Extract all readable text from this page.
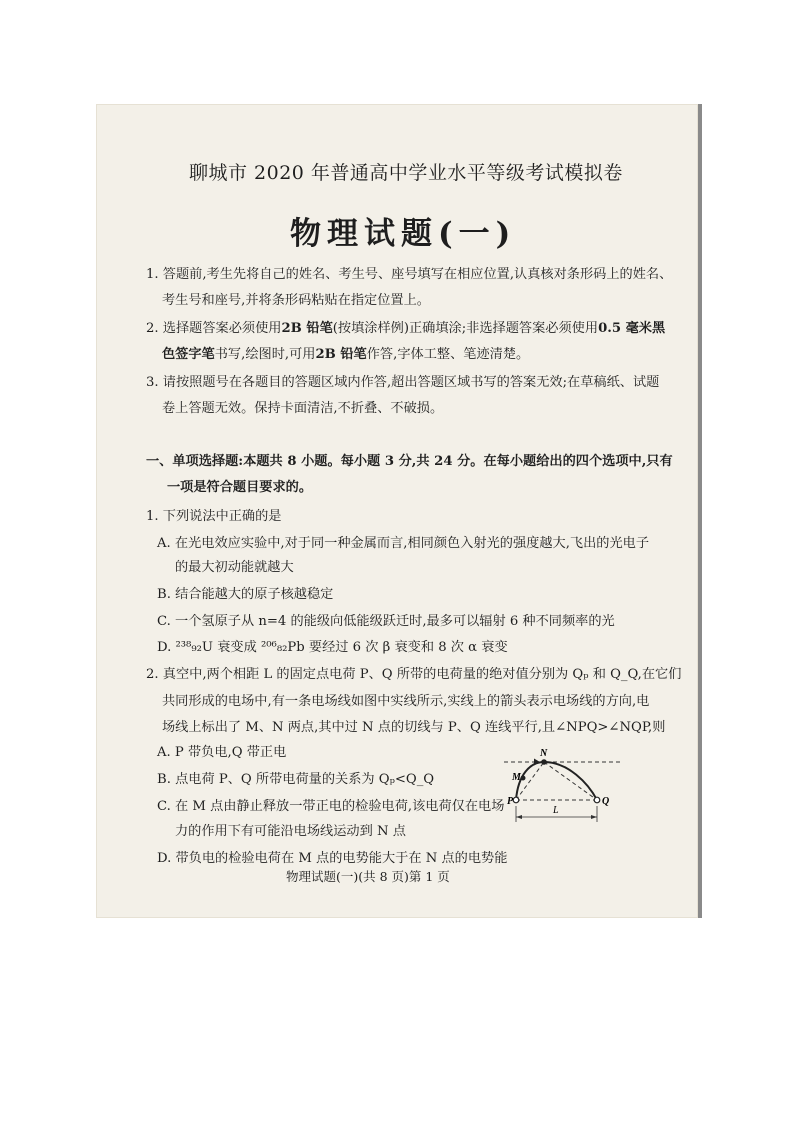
聊城市 2020 年普通高中学业水平等级考试模拟卷
物理试题(一)
1. 答题前,考生先将自己的姓名、考生号、座号填写在相应位置,认真核对条形码上的姓名、
考生号和座号,并将条形码粘贴在指定位置上。
2. 选择题答案必须使用2B 铅笔(按填涂样例)正确填涂;非选择题答案必须使用0.5 毫米黑
色签字笔书写,绘图时,可用2B 铅笔作答,字体工整、笔迹清楚。
3. 请按照题号在各题目的答题区域内作答,超出答题区域书写的答案无效;在草稿纸、试题
卷上答题无效。保持卡面清洁,不折叠、不破损。
一、单项选择题:本题共 8 小题。每小题 3 分,共 24 分。在每小题给出的四个选项中,只有
一项是符合题目要求的。
1. 下列说法中正确的是
A. 在光电效应实验中,对于同一种金属而言,相同颜色入射光的强度越大,飞出的光电子
的最大初动能就越大
B. 结合能越大的原子核越稳定
C. 一个氢原子从 n=4 的能级向低能级跃迁时,最多可以辐射 6 种不同频率的光
D. ²³⁸₉₂U 衰变成 ²⁰⁶₈₂Pb 要经过 6 次 β 衰变和 8 次 α 衰变
2. 真空中,两个相距 L 的固定点电荷 P、Q 所带的电荷量的绝对值分别为 Qₚ 和 Q_Q,在它们
共同形成的电场中,有一条电场线如图中实线所示,实线上的箭头表示电场线的方向,电
场线上标出了 M、N 两点,其中过 N 点的切线与 P、Q 连线平行,且∠NPQ>∠NQP,则
A. P 带负电,Q 带正电
B. 点电荷 P、Q 所带电荷量的关系为 Qₚ<Q_Q
C. 在 M 点由静止释放一带正电的检验电荷,该电荷仅在电场
力的作用下有可能沿电场线运动到 N 点
D. 带负电的检验电荷在 M 点的电势能大于在 N 点的电势能
N
M
P	Q
L
物理试题(一)(共 8 页)第 1 页
